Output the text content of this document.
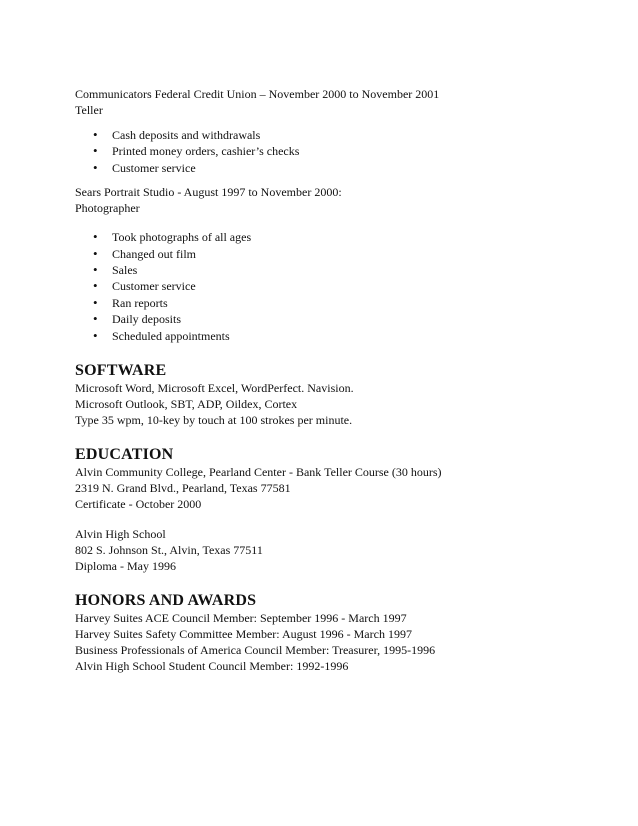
Communicators Federal Credit Union – November 2000 to November 2001

Teller

• Cash deposits and withdrawals
• Printed money orders, cashier’s checks
• Customer service

Sears Portrait Studio - August 1997 to November 2000:

Photographer

• Took photographs of all ages
• Changed out film
• Sales
• Customer service
• Ran reports
• Daily deposits
• Scheduled appointments
SOFTWARE

Microsoft Word, Microsoft Excel, WordPerfect. Navision.

Microsoft Outlook, SBT, ADP, Oildex, Cortex

Type 35 wpm, 10-key by touch at 100 strokes per minute.

EDUCATION

Alvin Community College, Pearland Center - Bank Teller Course (30 hours)

2319 N. Grand Blvd., Pearland, Texas 77581

Certificate - October 2000

Alvin High School

802 S. Johnson St., Alvin, Texas 77511

Diploma - May 1996

HONORS AND AWARDS

Harvey Suites ACE Council Member: September 1996 - March 1997

Harvey Suites Safety Committee Member: August 1996 - March 1997

Business Professionals of America Council Member: Treasurer, 1995-1996

Alvin High School Student Council Member: 1992-1996
